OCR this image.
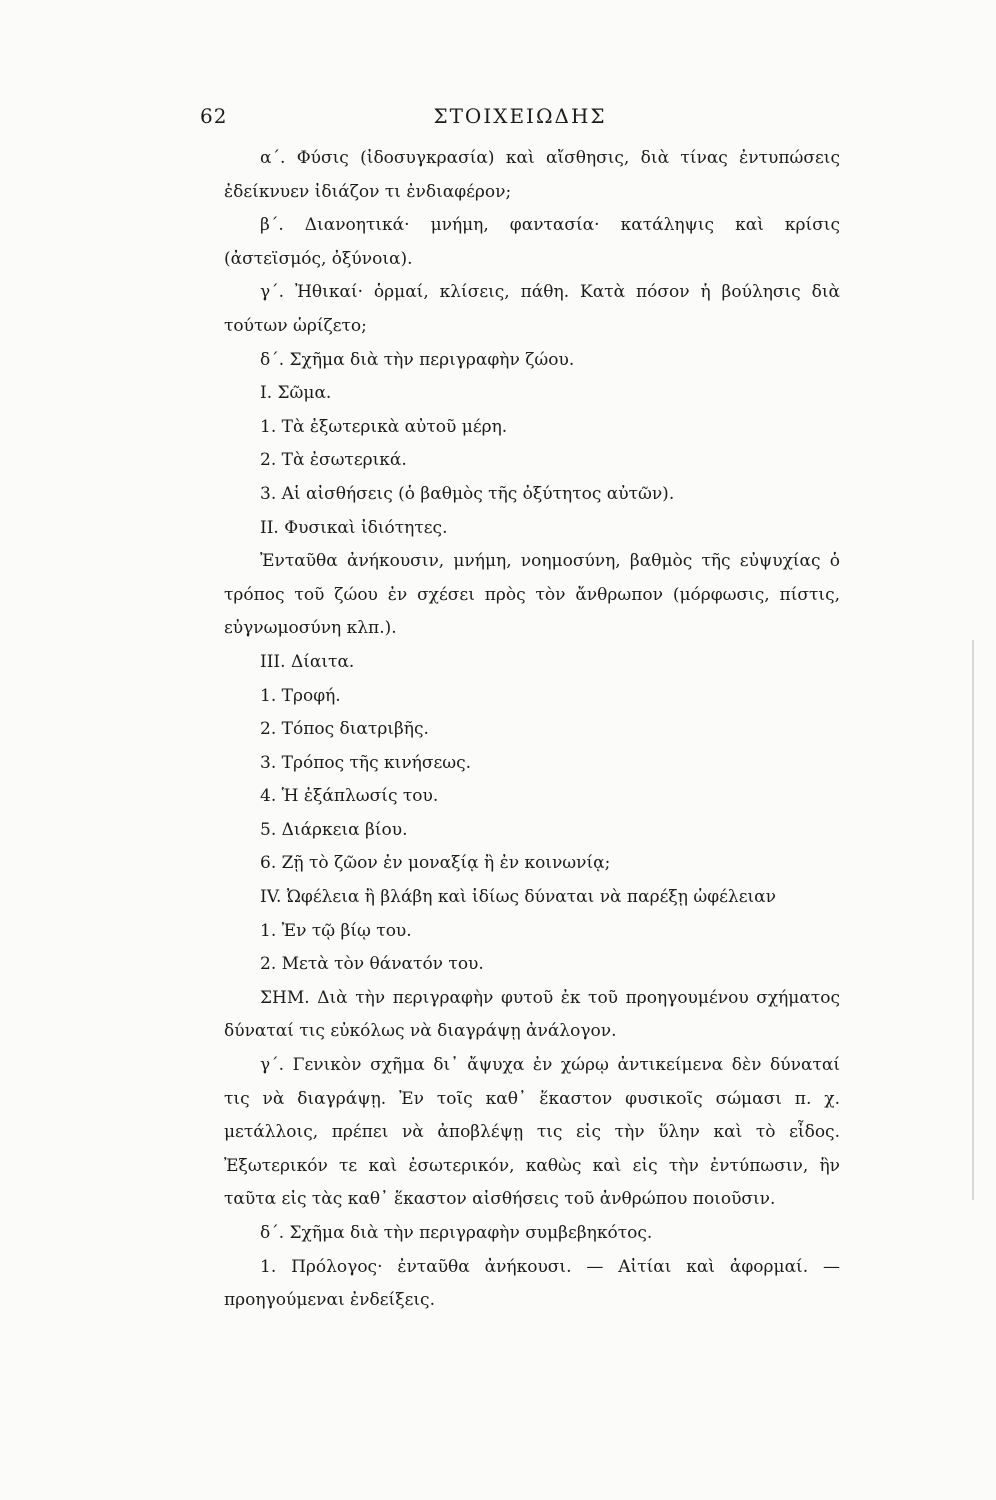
62	ΣΤΟΙΧΕΙΩΔΗΣ

α΄. Φύσις (ἰδοσυγκρασία) καὶ αἴσθησις, διὰ τίνας ἐντυπώσεις ἐδείκνυεν ἰδιάζον τι ἐνδιαφέρον;

β΄. Διανοητικά· μνήμη, φαντασία· κατάληψις καὶ κρίσις (ἀστεϊσμός, ὀξύνοια).

γ΄. Ἠθικαί· ὁρμαί, κλίσεις, πάθη. Κατὰ πόσον ἡ βούλησις διὰ τούτων ὡρίζετο;

δ΄. Σχῆμα διὰ τὴν περιγραφὴν ζώου.

I. Σῶμα.

1. Τὰ ἐξωτερικὰ αὐτοῦ μέρη.

2. Τὰ ἐσωτερικά.

3. Αἱ αἰσθήσεις (ὁ βαθμὸς τῆς ὀξύτητος αὐτῶν).

II. Φυσικαὶ ἰδιότητες.

Ἐνταῦθα ἀνήκουσιν, μνήμη, νοημοσύνη, βαθμὸς τῆς εὐψυχίας ὁ τρόπος τοῦ ζώου ἐν σχέσει πρὸς τὸν ἄνθρωπον (μόρφωσις, πίστις, εὐγνωμοσύνη κλπ.).

III. Δίαιτα.

1. Τροφή.

2. Τόπος διατριβῆς.

3. Τρόπος τῆς κινήσεως.

4. Ἡ ἐξάπλωσίς του.

5. Διάρκεια βίου.

6. Ζῇ τὸ ζῶον ἐν μοναξίᾳ ἢ ἐν κοινωνίᾳ;

IV. Ὠφέλεια ἢ βλάβη καὶ ἰδίως δύναται νὰ παρέξῃ ὠφέλειαν

1. Ἐν τῷ βίῳ του.

2. Μετὰ τὸν θάνατόν του.

ΣΗΜ. Διὰ τὴν περιγραφὴν φυτοῦ ἐκ τοῦ προηγουμένου σχήματος δύναταί τις εὐκόλως νὰ διαγράψῃ ἀνάλογον.

γ΄. Γενικὸν σχῆμα δι᾽ ἄψυχα ἐν χώρῳ ἀντικείμενα δὲν δύναταί τις νὰ διαγράψῃ. Ἐν τοῖς καθ᾽ ἕκαστον φυσικοῖς σώμασι π. χ. μετάλλοις, πρέπει νὰ ἀποβλέψῃ τις εἰς τὴν ὕλην καὶ τὸ εἶδος. Ἐξωτερικόν τε καὶ ἐσωτερικόν, καθὼς καὶ εἰς τὴν ἐντύπωσιν, ἣν ταῦτα εἰς τὰς καθ᾽ ἕκαστον αἰσθήσεις τοῦ ἀνθρώπου ποιοῦσιν.

δ΄. Σχῆμα διὰ τὴν περιγραφὴν συμβεβηκότος.

1. Πρόλογος· ἐνταῦθα ἀνήκουσι. — Αἰτίαι καὶ ἀφορμαί. — προηγούμεναι ἐνδείξεις.
